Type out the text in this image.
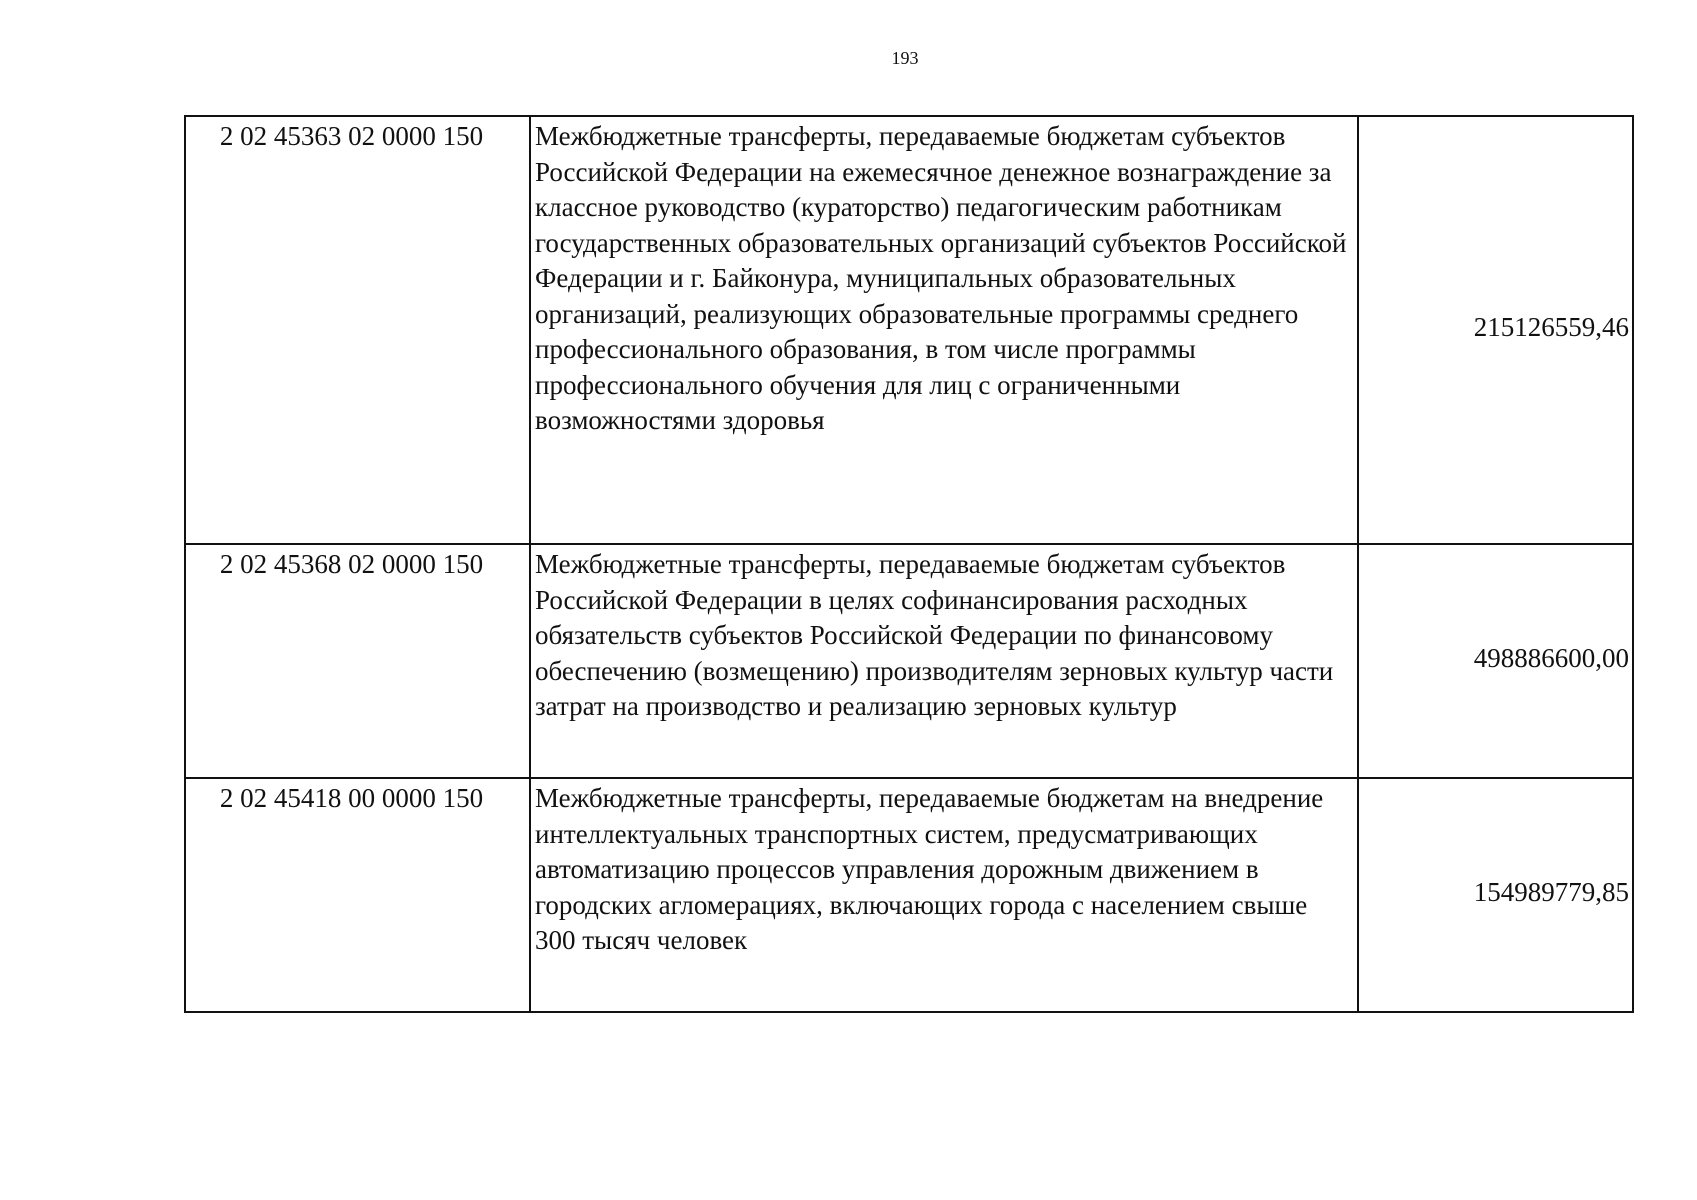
193
2 02 45363 02 0000 150	Межбюджетные трансферты, передаваемые бюджетам субъектов Российской Федерации на ежемесячное денежное вознаграждение за классное руководство (кураторство) педагогическим работникам государственных образовательных организаций субъектов Российской Федерации и г. Байконура, муниципальных образовательных организаций, реализующих образовательные программы среднего профессионального образования, в том числе программы профессионального обучения для лиц с ограниченными возможностями здоровья	215126559,46
2 02 45368 02 0000 150	Межбюджетные трансферты, передаваемые бюджетам субъектов Российской Федерации в целях софинансирования расходных обязательств субъектов Российской Федерации по финансовому обеспечению (возмещению) производителям зерновых культур части затрат на производство и реализацию зерновых культур	498886600,00
2 02 45418 00 0000 150	Межбюджетные трансферты, передаваемые бюджетам на внедрение интеллектуальных транспортных систем, предусматривающих автоматизацию процессов управления дорожным движением в городских агломерациях, включающих города с населением свыше 300 тысяч человек	154989779,85
